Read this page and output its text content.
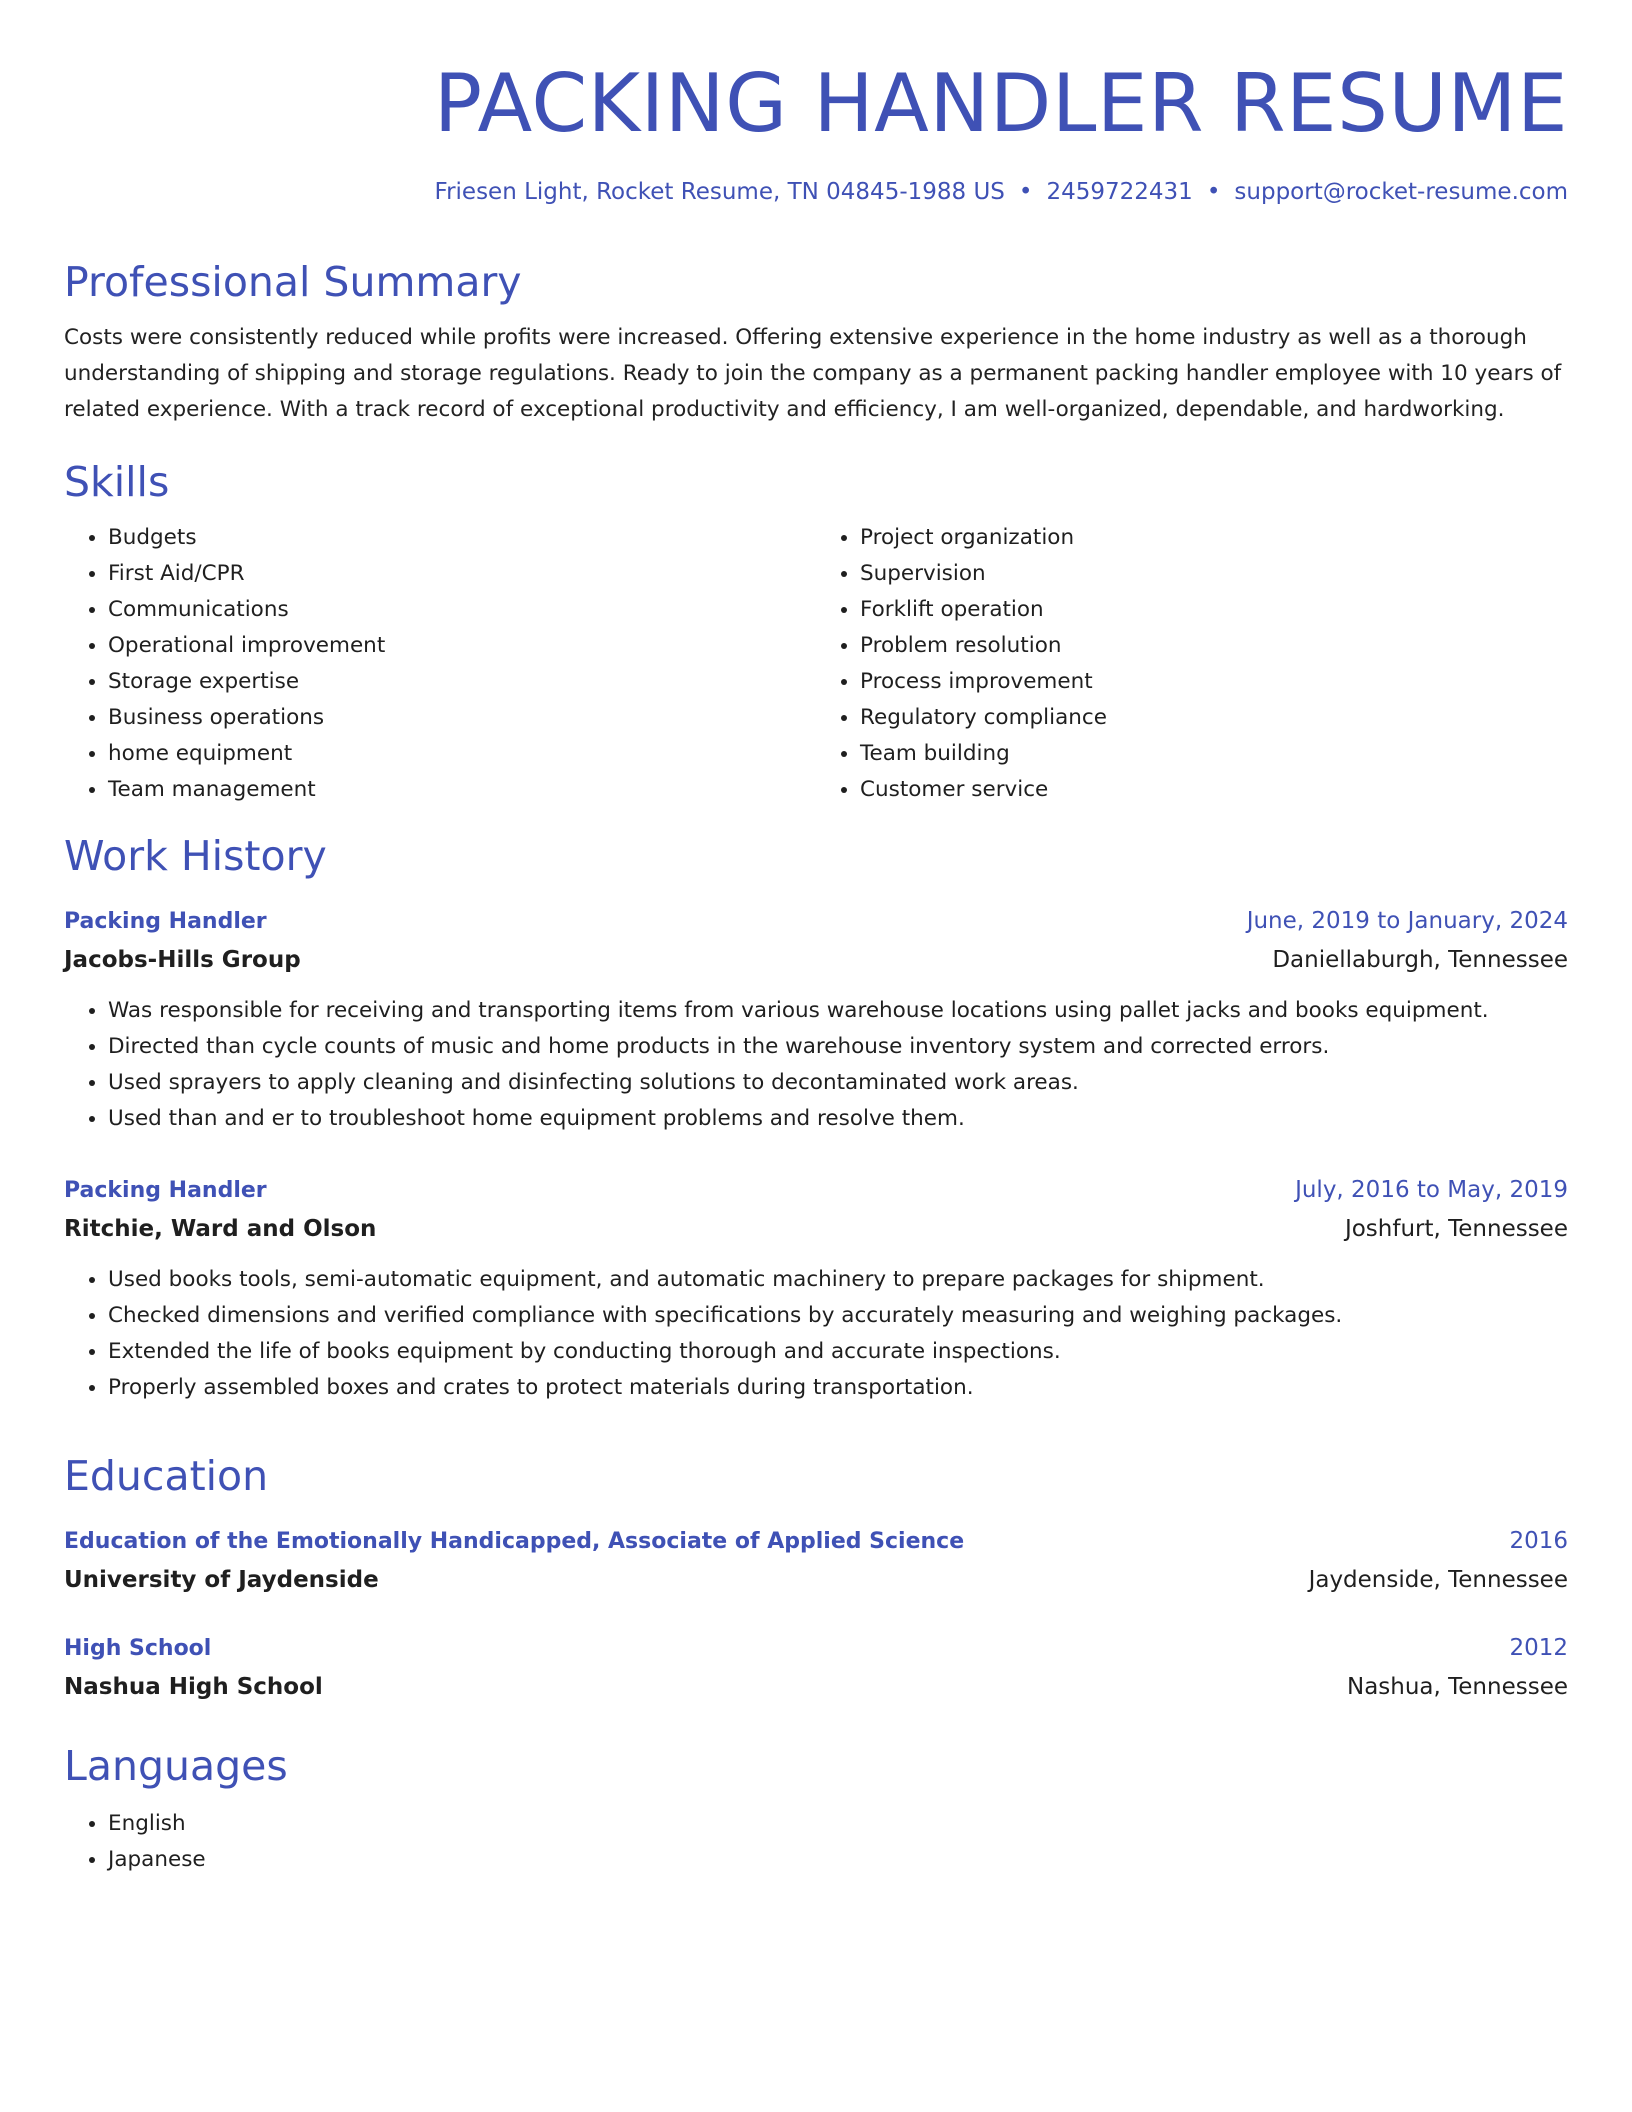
PACKING HANDLER RESUME
Friesen Light, Rocket Resume, TN 04845-1988 US • 2459722431 • support@rocket-resume.com
Professional Summary
Costs were consistently reduced while profits were increased. Offering extensive experience in the home industry as well as a thorough understanding of shipping and storage regulations. Ready to join the company as a permanent packing handler employee with 10 years of related experience. With a track record of exceptional productivity and efficiency, I am well-organized, dependable, and hardworking.
Skills
• Budgets
• First Aid/CPR
• Communications
• Operational improvement
• Storage expertise
• Business operations
• home equipment
• Team management
• Project organization
• Supervision
• Forklift operation
• Problem resolution
• Process improvement
• Regulatory compliance
• Team building
• Customer service
Work History
Packing Handler	June, 2019 to January, 2024
Jacobs-Hills Group	Daniellaburgh, Tennessee
• Was responsible for receiving and transporting items from various warehouse locations using pallet jacks and books equipment.
• Directed than cycle counts of music and home products in the warehouse inventory system and corrected errors.
• Used sprayers to apply cleaning and disinfecting solutions to decontaminated work areas.
• Used than and er to troubleshoot home equipment problems and resolve them.
Packing Handler	July, 2016 to May, 2019
Ritchie, Ward and Olson	Joshfurt, Tennessee
• Used books tools, semi-automatic equipment, and automatic machinery to prepare packages for shipment.
• Checked dimensions and verified compliance with specifications by accurately measuring and weighing packages.
• Extended the life of books equipment by conducting thorough and accurate inspections.
• Properly assembled boxes and crates to protect materials during transportation.
Education
Education of the Emotionally Handicapped, Associate of Applied Science	2016
University of Jaydenside	Jaydenside, Tennessee
High School	2012
Nashua High School	Nashua, Tennessee
Languages
• English
• Japanese
